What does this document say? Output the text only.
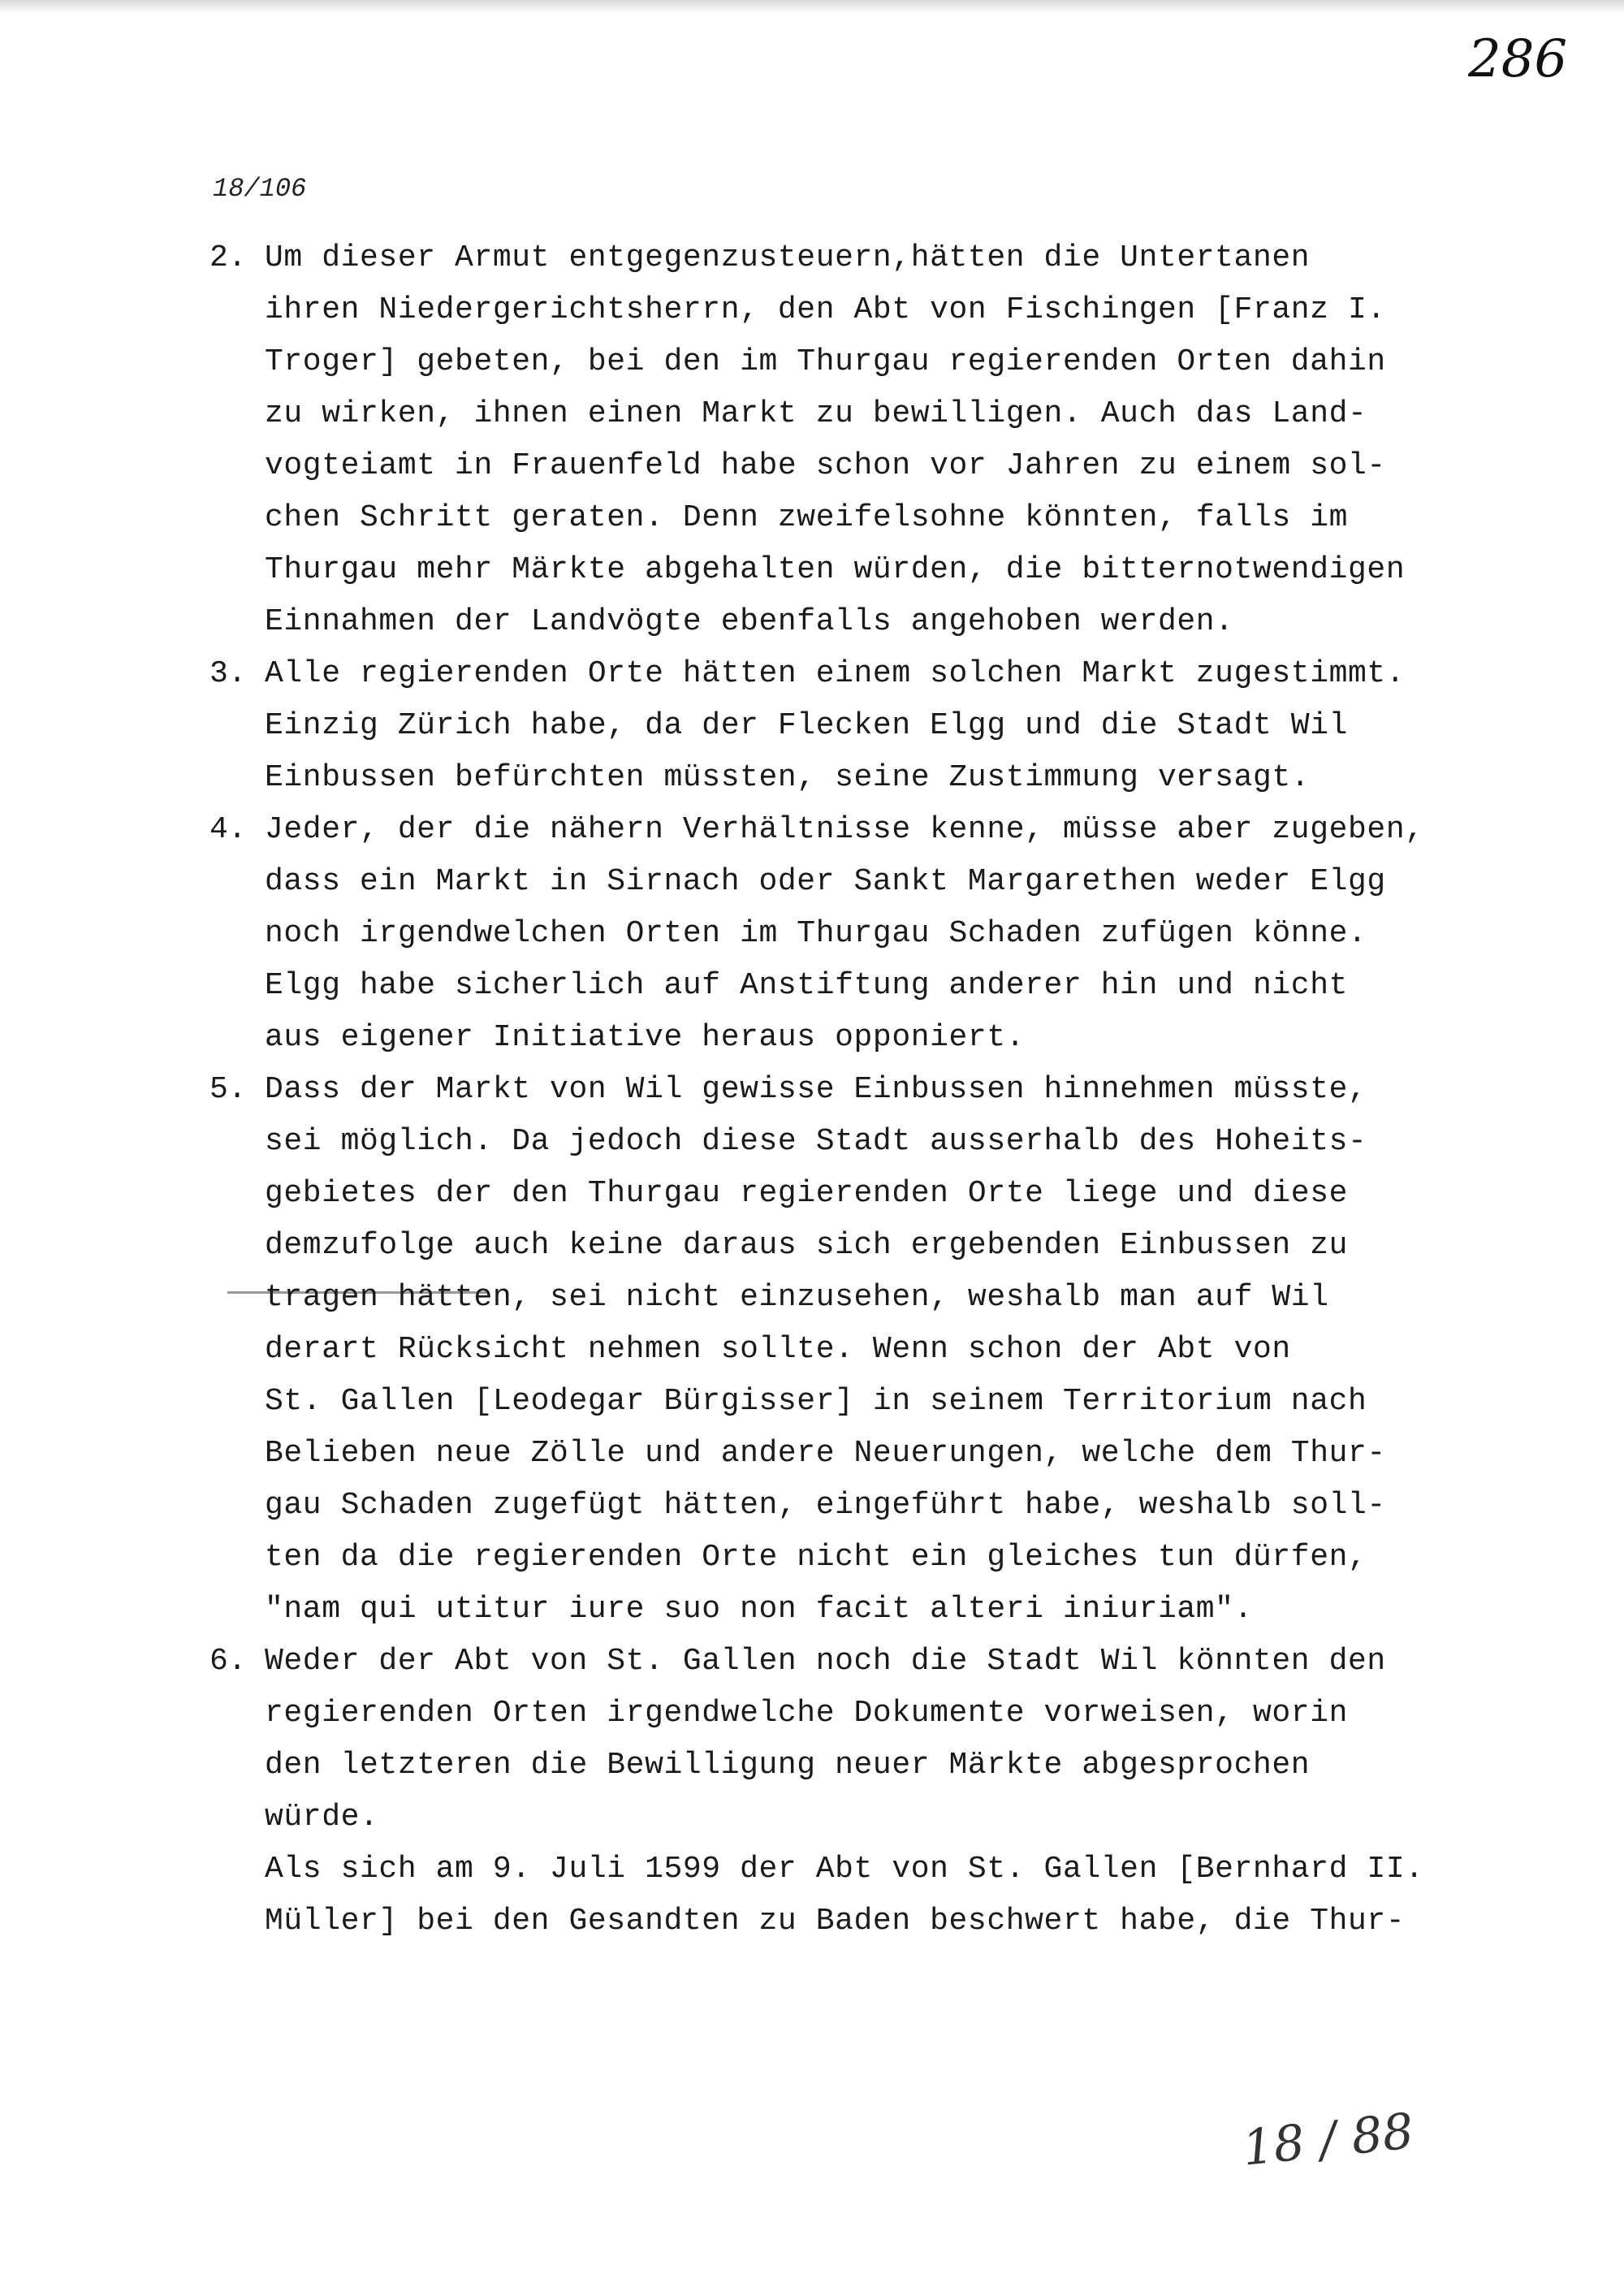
286
18/106
2. Um dieser Armut entgegenzusteuern,hätten die Untertanen
ihren Niedergerichtsherrn, den Abt von Fischingen [Franz I.
Troger] gebeten, bei den im Thurgau regierenden Orten dahin
zu wirken, ihnen einen Markt zu bewilligen. Auch das Land-
vogteiamt in Frauenfeld habe schon vor Jahren zu einem sol-
chen Schritt geraten. Denn zweifelsohne könnten, falls im
Thurgau mehr Märkte abgehalten würden, die bitternotwendigen
Einnahmen der Landvögte ebenfalls angehoben werden.
3. Alle regierenden Orte hätten einem solchen Markt zugestimmt.
Einzig Zürich habe, da der Flecken Elgg und die Stadt Wil
Einbussen befürchten müssten, seine Zustimmung versagt.
4. Jeder, der die nähern Verhältnisse kenne, müsse aber zugeben,
dass ein Markt in Sirnach oder Sankt Margarethen weder Elgg
noch irgendwelchen Orten im Thurgau Schaden zufügen könne.
Elgg habe sicherlich auf Anstiftung anderer hin und nicht
aus eigener Initiative heraus opponiert.
5. Dass der Markt von Wil gewisse Einbussen hinnehmen müsste,
sei möglich. Da jedoch diese Stadt ausserhalb des Hoheits-
gebietes der den Thurgau regierenden Orte liege und diese
demzufolge auch keine daraus sich ergebenden Einbussen zu
tragen hätten, sei nicht einzusehen, weshalb man auf Wil
derart Rücksicht nehmen sollte. Wenn schon der Abt von
St. Gallen [Leodegar Bürgisser] in seinem Territorium nach
Belieben neue Zölle und andere Neuerungen, welche dem Thur-
gau Schaden zugefügt hätten, eingeführt habe, weshalb soll-
ten da die regierenden Orte nicht ein gleiches tun dürfen,
"nam qui utitur iure suo non facit alteri iniuriam".
6. Weder der Abt von St. Gallen noch die Stadt Wil könnten den
regierenden Orten irgendwelche Dokumente vorweisen, worin
den letzteren die Bewilligung neuer Märkte abgesprochen
würde.
Als sich am 9. Juli 1599 der Abt von St. Gallen [Bernhard II.
Müller] bei den Gesandten zu Baden beschwert habe, die Thur-
18 / 88
